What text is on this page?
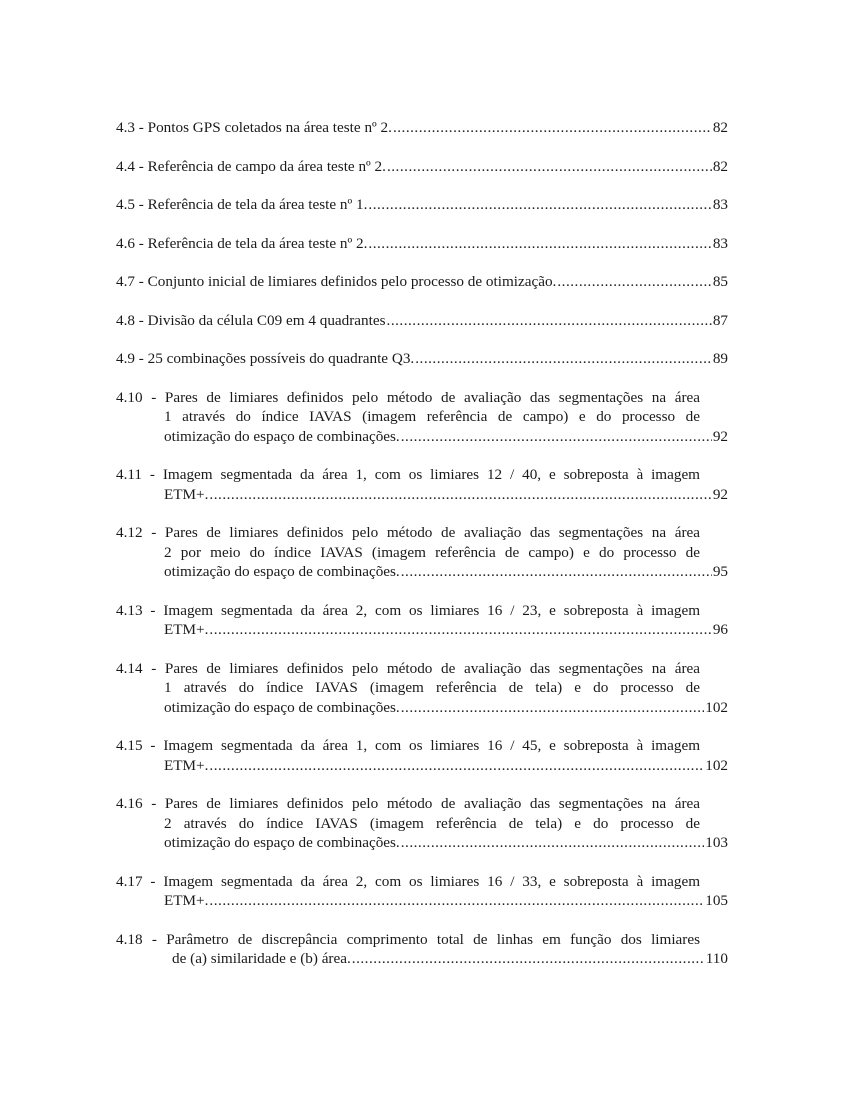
4.3 - Pontos GPS coletados na área teste nº 2. .....	82
4.4 - Referência de campo da área teste nº 2. .....	82
4.5 - Referência de tela da área teste nº 1. .....	83
4.6 - Referência de tela da área teste nº 2. .....	83
4.7 - Conjunto inicial de limiares definidos pelo processo de otimização. .....	85
4.8 - Divisão da célula C09 em 4 quadrantes .....	87
4.9 - 25 combinações possíveis do quadrante Q3. .....	89
4.10 - Pares de limiares definidos pelo método de avaliação das segmentações na área
1 através do índice IAVAS (imagem referência de campo) e do processo de
otimização do espaço de combinações. .....	92
4.11 - Imagem segmentada da área 1, com os limiares 12 / 40, e sobreposta à imagem
ETM+. .....	92
4.12 - Pares de limiares definidos pelo método de avaliação das segmentações na área
2 por meio do índice IAVAS (imagem referência de campo) e do processo de
otimização do espaço de combinações. .....	95
4.13 - Imagem segmentada da área 2, com os limiares 16 / 23, e sobreposta à imagem
ETM+. .....	96
4.14 - Pares de limiares definidos pelo método de avaliação das segmentações na área
1 através do índice IAVAS (imagem referência de tela) e do processo de
otimização do espaço de combinações. .....	102
4.15 - Imagem segmentada da área 1, com os limiares 16 / 45, e sobreposta à imagem
ETM+. .....	102
4.16 - Pares de limiares definidos pelo método de avaliação das segmentações na área
2 através do índice IAVAS (imagem referência de tela) e do processo de
otimização do espaço de combinações. .....	103
4.17 - Imagem segmentada da área 2, com os limiares 16 / 33, e sobreposta à imagem
ETM+. .....	105
4.18 - Parâmetro de discrepância comprimento total de linhas em função dos limiares
de (a) similaridade e (b) área. .....	110
